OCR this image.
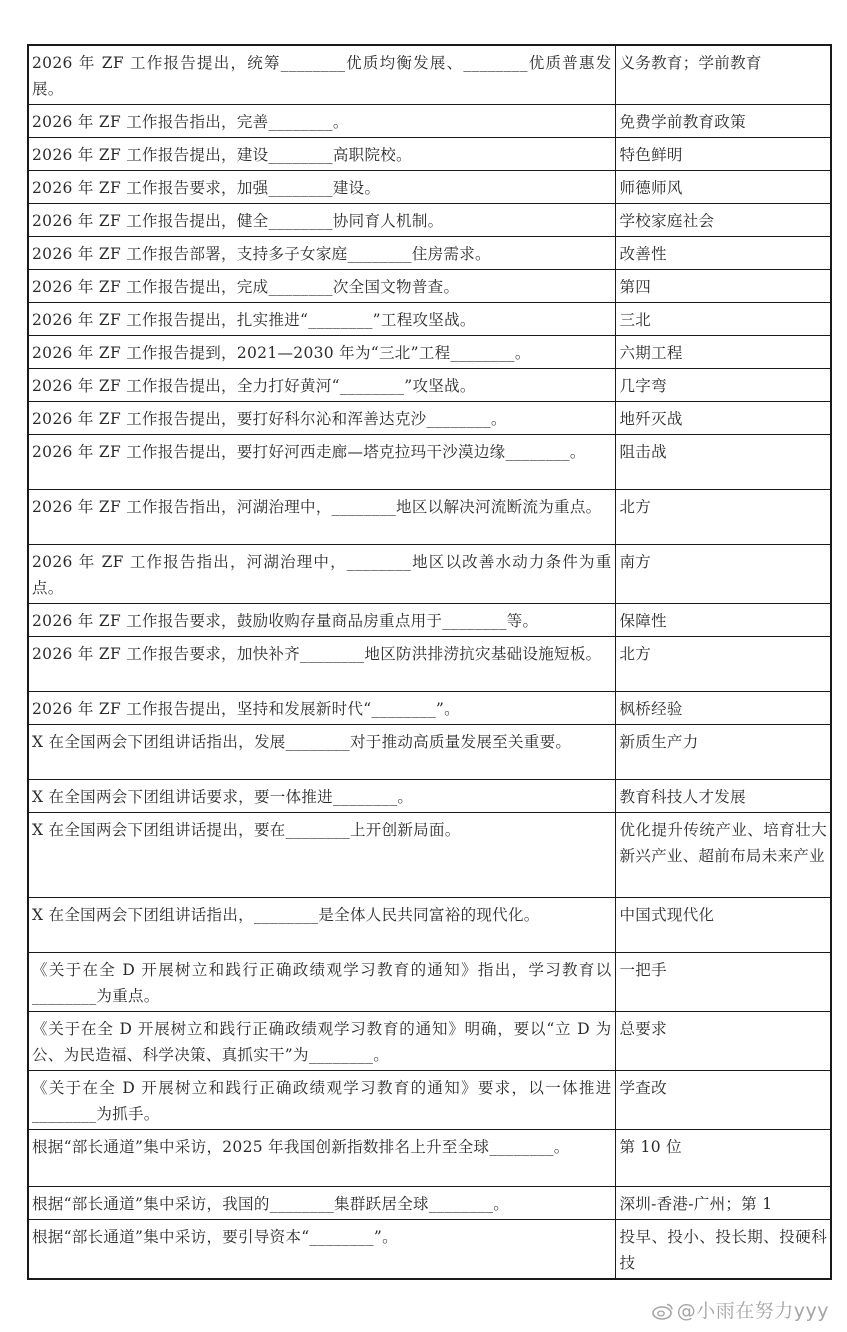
2026 年 ZF 工作报告提出，统筹________优质均衡发展、________优质普惠发展。	义务教育；学前教育
2026 年 ZF 工作报告指出，完善________。	免费学前教育政策
2026 年 ZF 工作报告提出，建设________高职院校。	特色鲜明
2026 年 ZF 工作报告要求，加强________建设。	师德师风
2026 年 ZF 工作报告提出，健全________协同育人机制。	学校家庭社会
2026 年 ZF 工作报告部署，支持多子女家庭________住房需求。	改善性
2026 年 ZF 工作报告提出，完成________次全国文物普查。	第四
2026 年 ZF 工作报告提出，扎实推进“________”工程攻坚战。	三北
2026 年 ZF 工作报告提到，2021—2030 年为“三北”工程________。	六期工程
2026 年 ZF 工作报告提出，全力打好黄河“________”攻坚战。	几字弯
2026 年 ZF 工作报告提出，要打好科尔沁和浑善达克沙________。	地歼灭战
2026 年 ZF 工作报告提出，要打好河西走廊—塔克拉玛干沙漠边缘________。	阻击战
2026 年 ZF 工作报告指出，河湖治理中，________地区以解决河流断流为重点。	北方
2026 年 ZF 工作报告指出，河湖治理中，________地区以改善水动力条件为重点。	南方
2026 年 ZF 工作报告要求，鼓励收购存量商品房重点用于________等。	保障性
2026 年 ZF 工作报告要求，加快补齐________地区防洪排涝抗灾基础设施短板。	北方
2026 年 ZF 工作报告提出，坚持和发展新时代“________”。	枫桥经验
X 在全国两会下团组讲话指出，发展________对于推动高质量发展至关重要。	新质生产力
X 在全国两会下团组讲话要求，要一体推进________。	教育科技人才发展
X 在全国两会下团组讲话提出，要在________上开创新局面。	优化提升传统产业、培育壮大新兴产业、超前布局未来产业
X 在全国两会下团组讲话指出，________是全体人民共同富裕的现代化。	中国式现代化
《关于在全 D 开展树立和践行正确政绩观学习教育的通知》指出，学习教育以________为重点。	一把手
《关于在全 D 开展树立和践行正确政绩观学习教育的通知》明确，要以“立 D 为公、为民造福、科学决策、真抓实干”为________。	总要求
《关于在全 D 开展树立和践行正确政绩观学习教育的通知》要求，以一体推进________为抓手。	学查改
根据“部长通道”集中采访，2025 年我国创新指数排名上升至全球________。	第 10 位
根据“部长通道”集中采访，我国的________集群跃居全球________。	深圳-香港-广州；第 1
根据“部长通道”集中采访，要引导资本“________”。	投早、投小、投长期、投硬科技
@小雨在努力yyy
